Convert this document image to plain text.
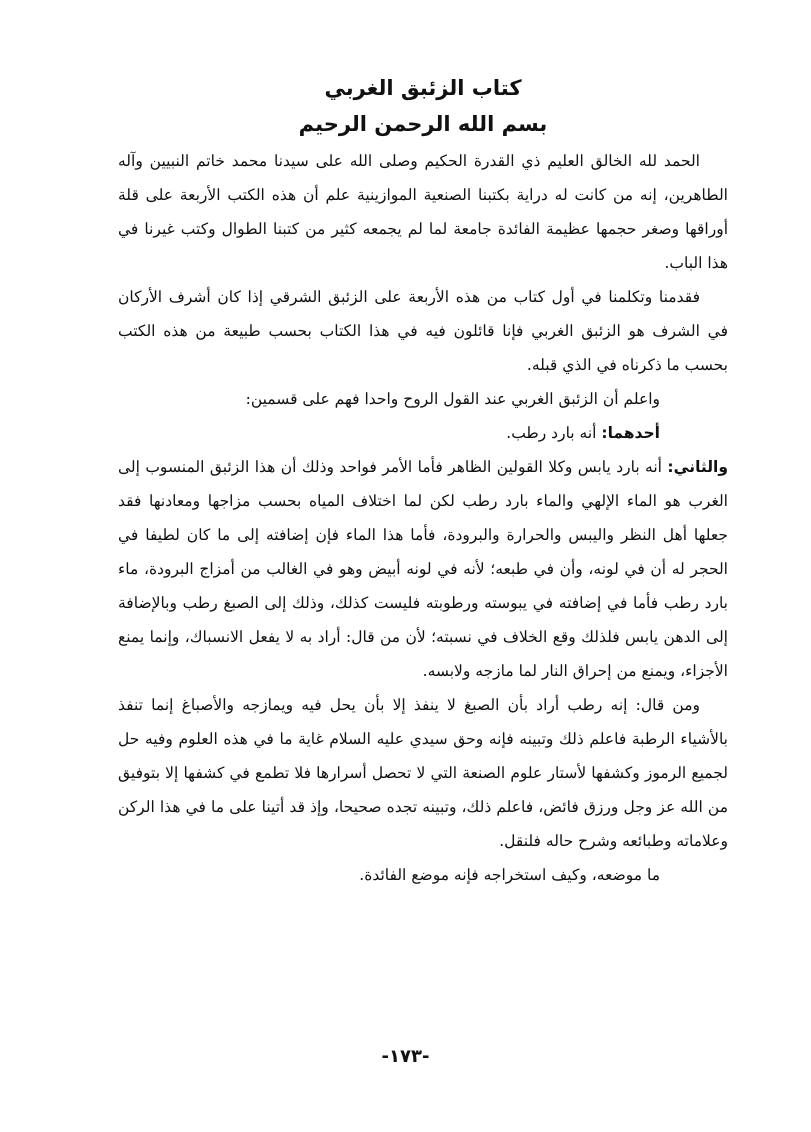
كتاب الزئبق الغربي
بسم الله الرحمن الرحيم

الحمد لله الخالق العليم ذي القدرة الحكيم وصلى الله على سيدنا محمد خاتم النبيين وآله الطاهرين، إنه من كانت له دراية بكتبنا الصنعية الموازينية علم أن هذه الكتب الأربعة على قلة أوراقها وصغر حجمها عظيمة الفائدة جامعة لما لم يجمعه كثير من كتبنا الطوال وكتب غيرنا في هذا الباب.

فقدمنا وتكلمنا في أول كتاب من هذه الأربعة على الزئبق الشرقي إذا كان أشرف الأركان في الشرف هو الزئبق الغربي فإنا قائلون فيه في هذا الكتاب بحسب طبيعة من هذه الكتب بحسب ما ذكرناه في الذي قبله.

واعلم أن الزئبق الغربي عند القول الروح واحدا فهم على قسمين:

أحدهما: أنه بارد رطب.

والثاني: أنه بارد يابس وكلا القولين الظاهر فأما الأمر فواحد وذلك أن هذا الزئبق المنسوب إلى الغرب هو الماء الإلهي والماء بارد رطب لكن لما اختلاف المياه بحسب مزاجها ومعادنها فقد جعلها أهل النظر واليبس والحرارة والبرودة، فأما هذا الماء فإن إضافته إلى ما كان لطيفا في الحجر له أن في لونه، وأن في طبعه؛ لأنه في لونه أبيض وهو في الغالب من أمزاج البرودة، ماء بارد رطب فأما في إضافته في يبوسته ورطوبته فليست كذلك، وذلك إلى الصبغ رطب وبالإضافة إلى الدهن يابس فلذلك وقع الخلاف في نسبته؛ لأن من قال: أراد به لا يفعل الانسباك، وإنما يمنع الأجزاء، ويمنع من إحراق النار لما مازجه ولابسه.

ومن قال: إنه رطب أراد بأن الصبغ لا ينفذ إلا بأن يحل فيه ويمازجه والأصباغ إنما تنفذ بالأشياء الرطبة فاعلم ذلك وتبينه فإنه وحق سيدي عليه السلام غاية ما في هذه العلوم وفيه حل لجميع الرموز وكشفها لأستار علوم الصنعة التي لا تحصل أسرارها فلا تطمع في كشفها إلا بتوفيق من الله عز وجل ورزق فائض، فاعلم ذلك، وتبينه تجده صحيحا، وإذ قد أتينا على ما في هذا الركن وعلاماته وطبائعه وشرح حاله فلنقل.

ما موضعه، وكيف استخراجه فإنه موضع الفائدة.

-١٧٣-
